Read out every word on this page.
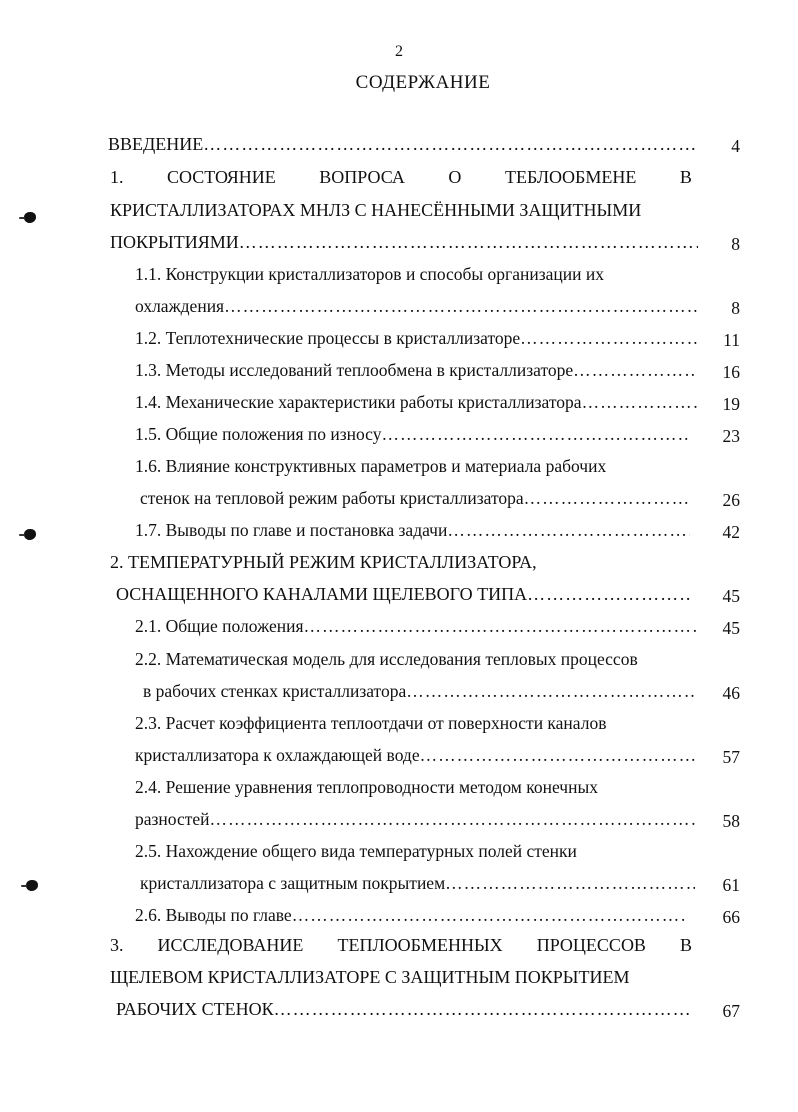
2
СОДЕРЖАНИЕ
ВВЕДЕНИЕ ……………………………………………………………………………………………………………………………………………………………………………	4
1. СОСТОЯНИЕ ВОПРОСА О ТЕБЛООБМЕНЕ В
КРИСТАЛЛИЗАТОРАХ МНЛЗ С НАНЕСЁННЫМИ ЗАЩИТНЫМИ
ПОКРЫТИЯМИ ……………………………………………………………………………………………………………………………………………………………………………	8
1.1. Конструкции кристаллизаторов и способы организации их
охлаждения ……………………………………………………………………………………………………………………………………………………………………………	8
1.2. Теплотехнические процессы в кристаллизаторе ……………………………………………………………………………………………………………………………………………………………………………	11
1.3. Методы исследований теплообмена в кристаллизаторе ……………………………………………………………………………………………………………………………………………………………………………	16
1.4. Механические характеристики работы кристаллизатора ……………………………………………………………………………………………………………………………………………………………………………	19
1.5. Общие положения по износу ……………………………………………………………………………………………………………………………………………………………………………	23
1.6. Влияние конструктивных параметров и материала рабочих
стенок на тепловой режим работы кристаллизатора ……………………………………………………………………………………………………………………………………………………………………………	26
1.7. Выводы по главе и постановка задачи ……………………………………………………………………………………………………………………………………………………………………………	42
2. ТЕМПЕРАТУРНЫЙ РЕЖИМ КРИСТАЛЛИЗАТОРА,
ОСНАЩЕННОГО КАНАЛАМИ ЩЕЛЕВОГО ТИПА ……………………………………………………………………………………………………………………………………………………………………………	45
2.1. Общие положения ……………………………………………………………………………………………………………………………………………………………………………	45
2.2. Математическая модель для исследования тепловых процессов
в рабочих стенках кристаллизатора ……………………………………………………………………………………………………………………………………………………………………………	46
2.3. Расчет коэффициента теплоотдачи от поверхности каналов
кристаллизатора к охлаждающей воде ……………………………………………………………………………………………………………………………………………………………………………	57
2.4. Решение уравнения теплопроводности методом конечных
разностей ……………………………………………………………………………………………………………………………………………………………………………	58
2.5. Нахождение общего вида температурных полей стенки
кристаллизатора с защитным покрытием ……………………………………………………………………………………………………………………………………………………………………………	61
2.6. Выводы по главе ……………………………………………………………………………………………………………………………………………………………………………	66
3. ИССЛЕДОВАНИЕ ТЕПЛООБМЕННЫХ ПРОЦЕССОВ В
ЩЕЛЕВОМ КРИСТАЛЛИЗАТОРЕ С ЗАЩИТНЫМ ПОКРЫТИЕМ
РАБОЧИХ СТЕНОК ……………………………………………………………………………………………………………………………………………………………………………	67
